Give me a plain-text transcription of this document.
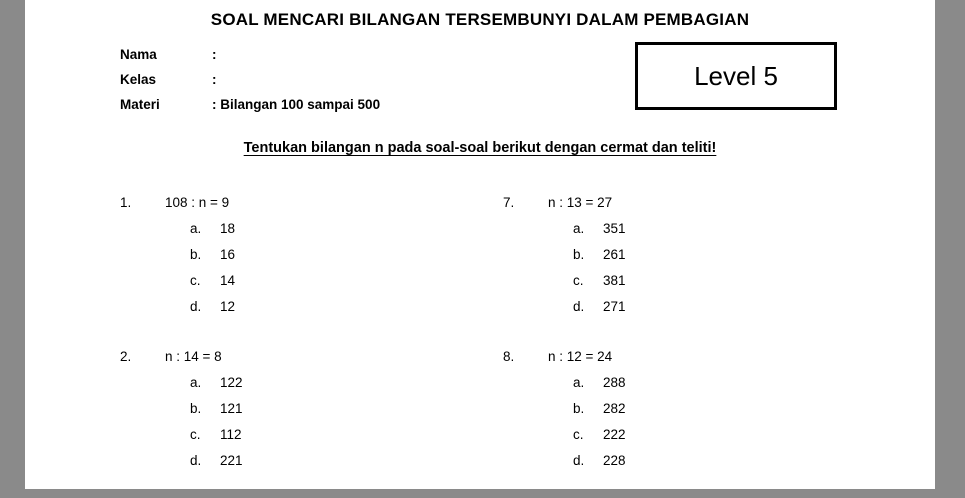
SOAL MENCARI BILANGAN TERSEMBUNYI DALAM PEMBAGIAN
Nama	:
Kelas	:
Materi	: Bilangan 100 sampai 500
Level 5
Tentukan bilangan n pada soal-soal berikut dengan cermat dan teliti!
1.	108 : n = 9
a.	18
b.	16
c.	14
d.	12
2.	n : 14 = 8
a.	122
b.	121
c.	112
d.	221
7.	n : 13 = 27
a.	351
b.	261
c.	381
d.	271
8.	n : 12 = 24
a.	288
b.	282
c.	222
d.	228
